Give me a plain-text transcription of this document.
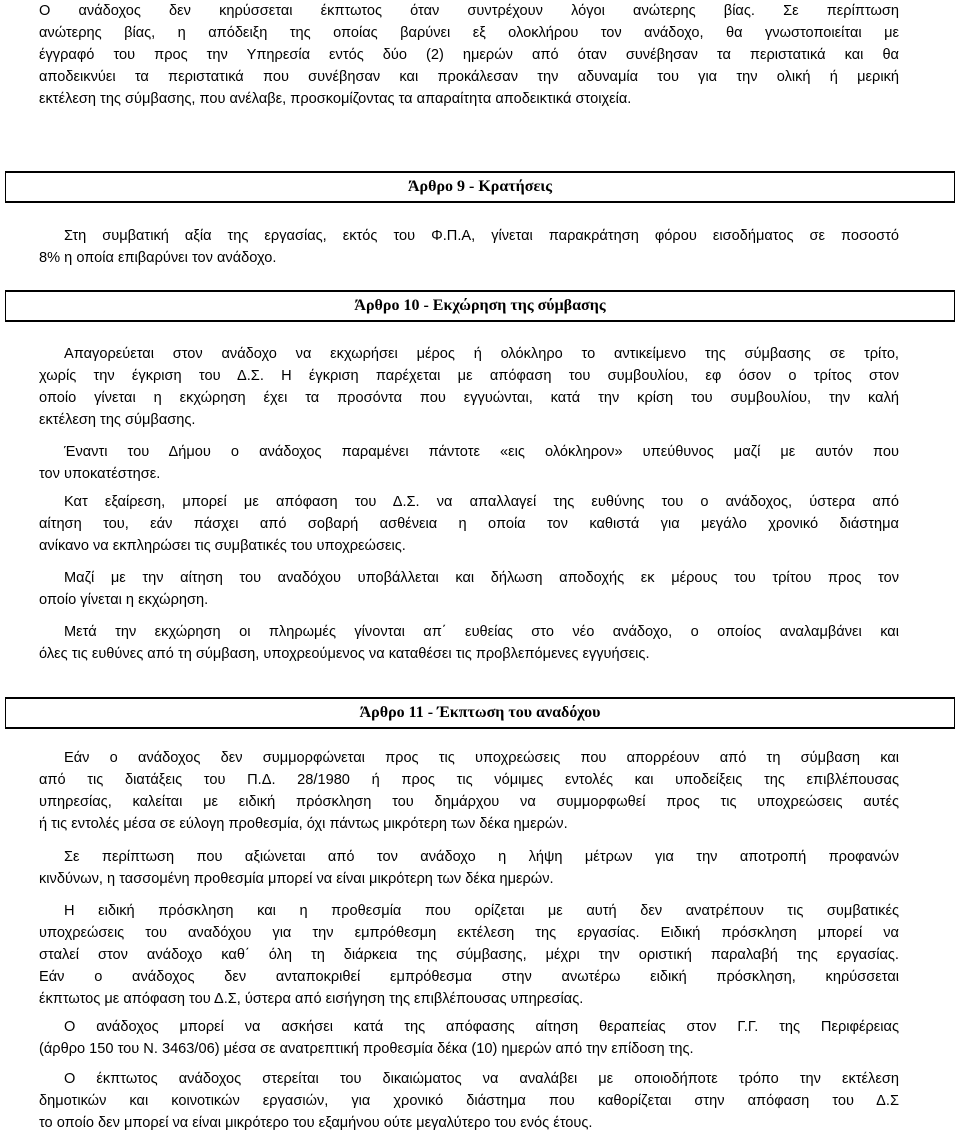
Ο ανάδοχος δεν κηρύσσεται έκπτωτος όταν συντρέχουν λόγοι ανώτερης βίας. Σε περίπτωση
ανώτερης βίας, η απόδειξη της οποίας βαρύνει εξ ολοκλήρου τον ανάδοχο, θα γνωστοποιείται με
έγγραφό του προς την Υπηρεσία εντός δύο (2) ημερών από όταν συνέβησαν τα περιστατικά και θα
αποδεικνύει τα περιστατικά που συνέβησαν και προκάλεσαν την αδυναμία του για την ολική ή μερική
εκτέλεση της σύμβασης, που ανέλαβε, προσκομίζοντας τα απαραίτητα αποδεικτικά στοιχεία.
Άρθρο 9 - Κρατήσεις
Στη συμβατική αξία της εργασίας, εκτός του Φ.Π.Α, γίνεται παρακράτηση φόρου εισοδήματος σε ποσοστό
8% η οποία επιβαρύνει τον ανάδοχο.
Άρθρο 10 - Εκχώρηση της σύμβασης
Απαγορεύεται στον ανάδοχο να εκχωρήσει μέρος ή ολόκληρο το αντικείμενο της σύμβασης σε τρίτο,
χωρίς την έγκριση του Δ.Σ. Η έγκριση παρέχεται με απόφαση του συμβουλίου, εφ όσον ο τρίτος στον
οποίο γίνεται η εκχώρηση έχει τα προσόντα που εγγυώνται, κατά την κρίση του συμβουλίου, την καλή
εκτέλεση της σύμβασης.
Έναντι του Δήμου ο ανάδοχος παραμένει πάντοτε «εις ολόκληρον» υπεύθυνος μαζί με αυτόν που
τον υποκατέστησε.
Κατ εξαίρεση, μπορεί με απόφαση του Δ.Σ. να απαλλαγεί της ευθύνης του ο ανάδοχος, ύστερα από
αίτηση του, εάν πάσχει από σοβαρή ασθένεια η οποία τον καθιστά για μεγάλο χρονικό διάστημα
ανίκανο να εκπληρώσει τις συμβατικές του υποχρεώσεις.
Μαζί με την αίτηση του αναδόχου υποβάλλεται και δήλωση αποδοχής εκ μέρους του τρίτου προς τον
οποίο γίνεται η εκχώρηση.
Μετά την εκχώρηση οι πληρωμές γίνονται απ΄ ευθείας στο νέο ανάδοχο, ο οποίος αναλαμβάνει και
όλες τις ευθύνες από τη σύμβαση, υποχρεούμενος να καταθέσει τις προβλεπόμενες εγγυήσεις.
Άρθρο 11 - Έκπτωση του αναδόχου
Εάν ο ανάδοχος δεν συμμορφώνεται προς τις υποχρεώσεις που απορρέουν από τη σύμβαση και
από τις διατάξεις του Π.Δ. 28/1980 ή προς τις νόμιμες εντολές και υποδείξεις της επιβλέπουσας
υπηρεσίας, καλείται με ειδική πρόσκληση του δημάρχου να συμμορφωθεί προς τις υποχρεώσεις αυτές
ή τις εντολές μέσα σε εύλογη προθεσμία, όχι πάντως μικρότερη των δέκα ημερών.
Σε περίπτωση που αξιώνεται από τον ανάδοχο η λήψη μέτρων για την αποτροπή προφανών
κινδύνων, η τασσομένη προθεσμία μπορεί να είναι μικρότερη των δέκα ημερών.
Η ειδική πρόσκληση και η προθεσμία που ορίζεται με αυτή δεν ανατρέπουν τις συμβατικές
υποχρεώσεις του αναδόχου για την εμπρόθεσμη εκτέλεση της εργασίας. Ειδική πρόσκληση μπορεί να
σταλεί στον ανάδοχο καθ΄ όλη τη διάρκεια της σύμβασης, μέχρι την οριστική παραλαβή της εργασίας.
Εάν ο ανάδοχος δεν ανταποκριθεί εμπρόθεσμα στην ανωτέρω ειδική πρόσκληση, κηρύσσεται
έκπτωτος με απόφαση του Δ.Σ, ύστερα από εισήγηση της επιβλέπουσας υπηρεσίας.
Ο ανάδοχος μπορεί να ασκήσει κατά της απόφασης αίτηση θεραπείας στον Γ.Γ. της Περιφέρειας
(άρθρο 150 του Ν. 3463/06) μέσα σε ανατρεπτική προθεσμία δέκα (10) ημερών από την επίδοση της.
Ο έκπτωτος ανάδοχος στερείται του δικαιώματος να αναλάβει με οποιοδήποτε τρόπο την εκτέλεση
δημοτικών και κοινοτικών εργασιών, για χρονικό διάστημα που καθορίζεται στην απόφαση του Δ.Σ
το οποίο δεν μπορεί να είναι μικρότερο του εξαμήνου ούτε μεγαλύτερο του ενός έτους.
